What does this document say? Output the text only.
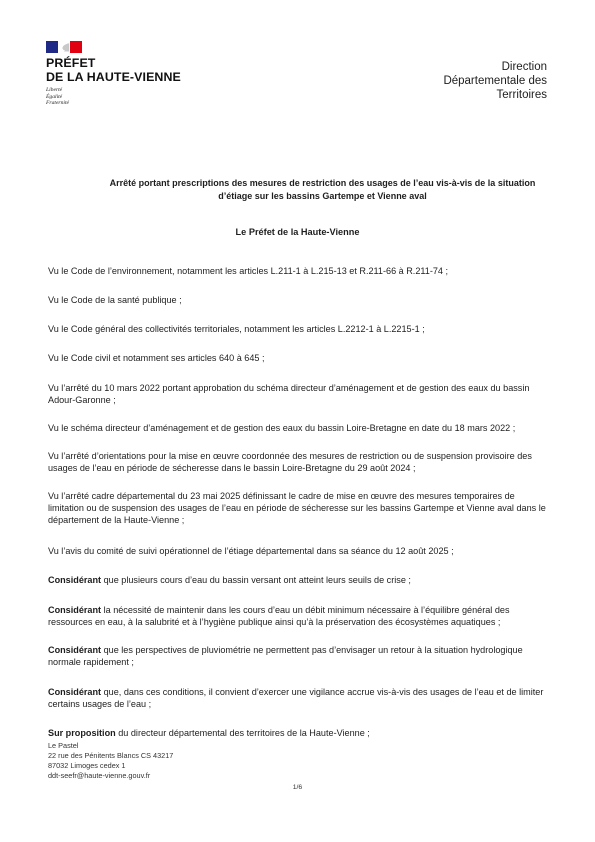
PRÉFET
DE LA HAUTE-VIENNE
Liberté
Égalité
Fraternité
Direction
Départementale des
Territoires
Arrêté portant prescriptions des mesures de restriction des usages de l’eau vis-à-vis de la situation d’étiage sur les bassins Gartempe et Vienne aval
Le Préfet de la Haute-Vienne

Vu le Code de l’environnement, notamment les articles L.211-1 à L.215-13 et R.211-66 à R.211-74 ;

Vu le Code de la santé publique ;

Vu le Code général des collectivités territoriales, notamment les articles L.2212-1 à L.2215-1 ;

Vu le Code civil et notamment ses articles 640 à 645 ;

Vu l’arrêté du 10 mars 2022 portant approbation du schéma directeur d’aménagement et de gestion des eaux du bassin Adour-Garonne ;

Vu le schéma directeur d’aménagement et de gestion des eaux du bassin Loire-Bretagne en date du 18 mars 2022 ;

Vu l’arrêté d’orientations pour la mise en œuvre coordonnée des mesures de restriction ou de suspension provisoire des usages de l’eau en période de sécheresse dans le bassin Loire-Bretagne du 29 août 2024 ;

Vu l’arrêté cadre départemental du 23 mai 2025 définissant le cadre de mise en œuvre des mesures temporaires de limitation ou de suspension des usages de l’eau en période de sécheresse sur les bassins Gartempe et Vienne aval dans le département de la Haute-Vienne ;

Vu l’avis du comité de suivi opérationnel de l’étiage départemental dans sa séance du 12 août 2025 ;

Considérant que plusieurs cours d’eau du bassin versant ont atteint leurs seuils de crise ;

Considérant la nécessité de maintenir dans les cours d’eau un débit minimum nécessaire à l’équilibre général des ressources en eau, à la salubrité et à l’hygiène publique ainsi qu’à la préservation des écosystèmes aquatiques ;

Considérant que les perspectives de pluviométrie ne permettent pas d’envisager un retour à la situation hydrologique normale rapidement ;

Considérant que, dans ces conditions, il convient d’exercer une vigilance accrue vis-à-vis des usages de l’eau et de limiter certains usages de l’eau ;

Sur proposition du directeur départemental des territoires de la Haute-Vienne ;

Le Pastel
22 rue des Pénitents Blancs CS 43217
87032 Limoges cedex 1
ddt-seefr@haute-vienne.gouv.fr
1/6
